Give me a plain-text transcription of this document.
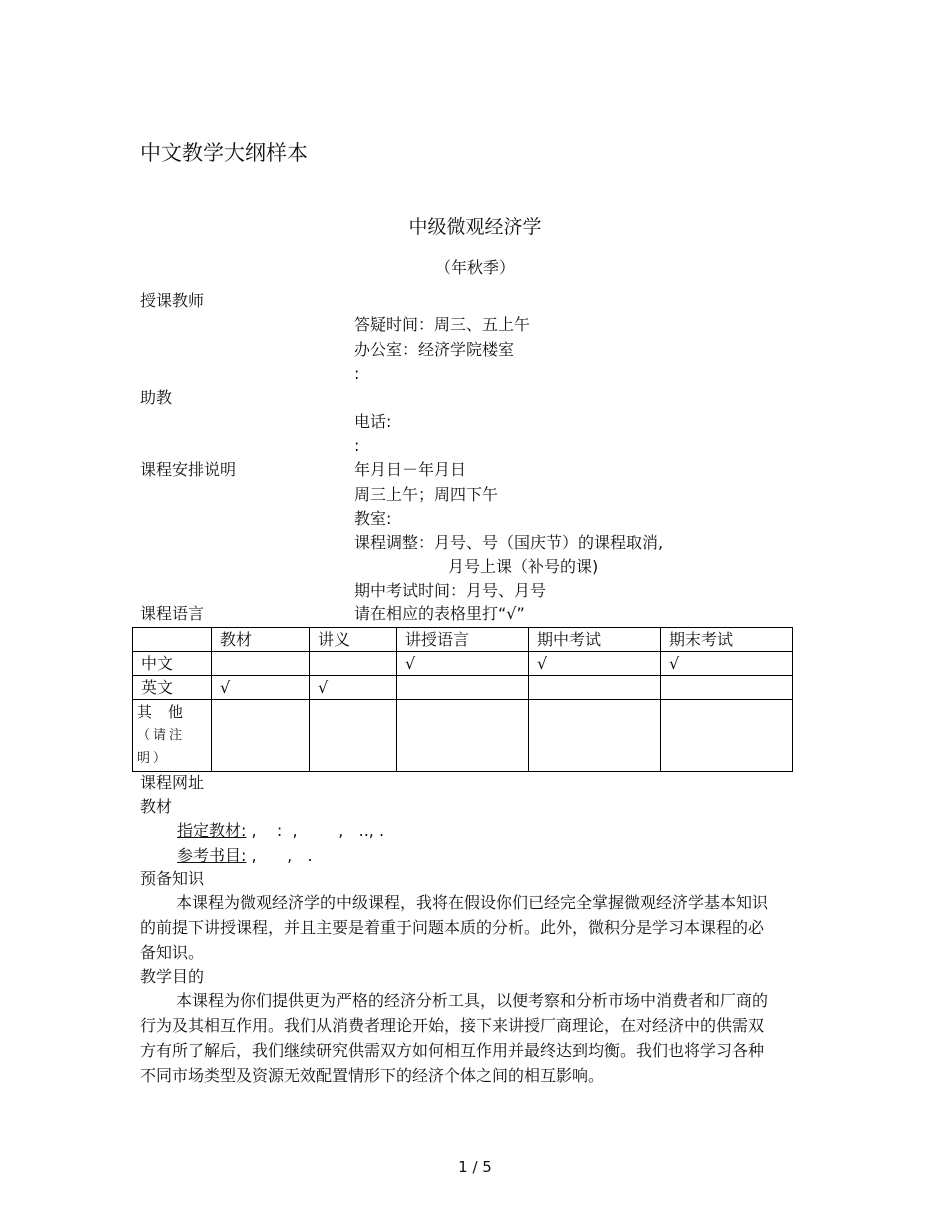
中文教学大纲样本
中级微观经济学
（年秋季）
授课教师
答疑时间：周三、五上午
办公室：经济学院楼室
:
助教
电话:
:
课程安排说明	年月日－年月日
周三上午；周四下午
教室:
课程调整：月号、号（国庆节）的课程取消,
月号上课（补号的课)
期中考试时间：月号、月号
课程语言	请在相应的表格里打“√”
	教材	讲义	讲授语言	期中考试	期末考试
中文			√	√	√
英文	√	√			

其他
（请注
明）					

课程网址
教材
指定教材: ,    :  ,        ,   .., .
参考书目: ,      ,   .
预备知识
本课程为微观经济学的中级课程，我将在假设你们已经完全掌握微观经济学基本知识的前提下讲授课程，并且主要是着重于问题本质的分析。此外，微积分是学习本课程的必备知识。
教学目的
本课程为你们提供更为严格的经济分析工具，以便考察和分析市场中消费者和厂商的行为及其相互作用。我们从消费者理论开始，接下来讲授厂商理论，在对经济中的供需双方有所了解后，我们继续研究供需双方如何相互作用并最终达到均衡。我们也将学习各种不同市场类型及资源无效配置情形下的经济个体之间的相互影响。
1 / 5
